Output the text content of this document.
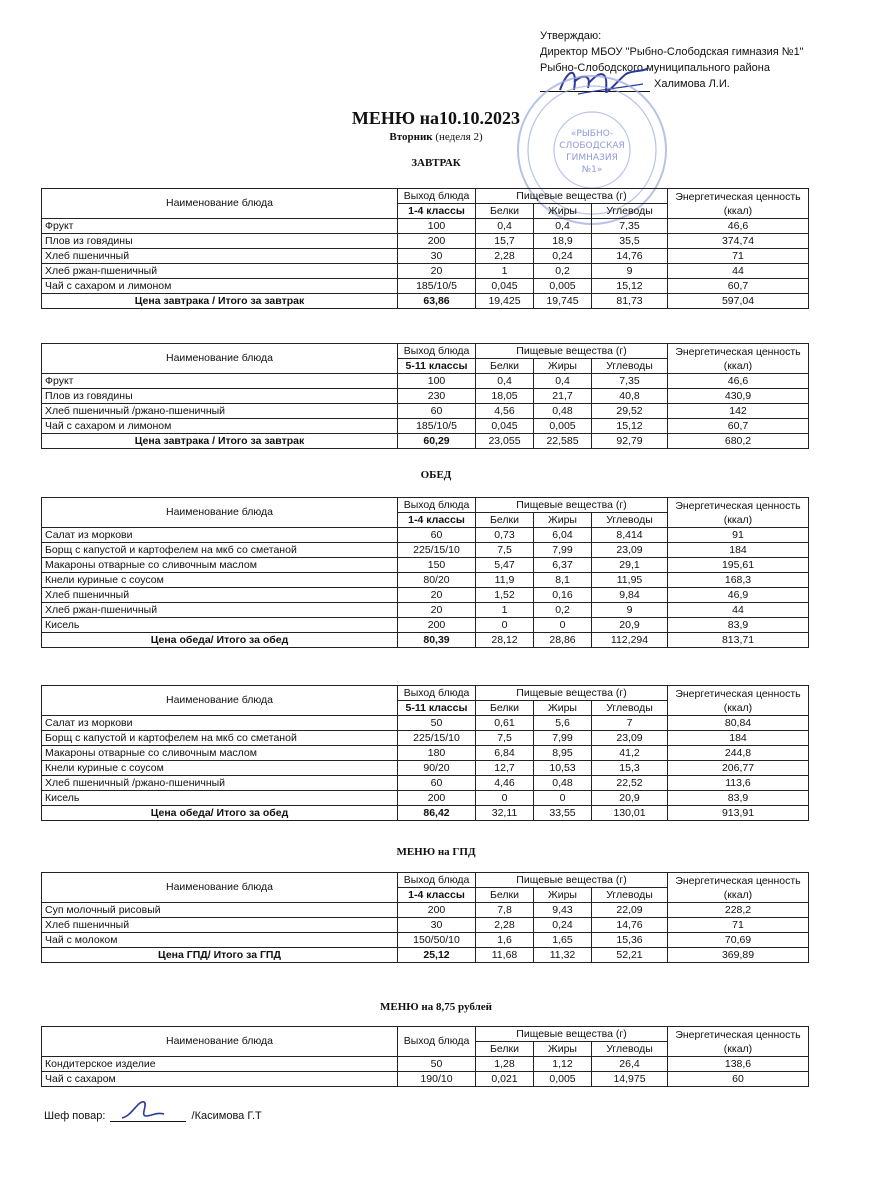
Утверждаю:
Директор МБОУ "Рыбно-Слободская гимназия №1"
Рыбно-Слободского муниципального района
Халимова Л.И.
«РЫБНО-
СЛОБОДСКАЯ
ГИМНАЗИЯ
№1»
МЕНЮ на10.10.2023
Вторник (неделя 2)
ЗАВТРАК
ОБЕД
МЕНЮ на ГПД
МЕНЮ на 8,75 рублей
Наименование блюда	Выход блюда	Пищевые вещества (г)			Энергетическая ценность (ккал)
	1-4 классы	Белки	Жиры	Углеводы	
Фрукт	100	0,4	0,4	7,35	46,6
Плов из говядины	200	15,7	18,9	35,5	374,74
Хлеб пшеничный	30	2,28	0,24	14,76	71
Хлеб ржан-пшеничный	20	1	0,2	9	44
Чай с сахаром и лимоном	185/10/5	0,045	0,005	15,12	60,7
Цена завтрака / Итого за завтрак	63,86	19,425	19,745	81,73	597,04
Наименование блюда	Выход блюда	Пищевые вещества (г)			Энергетическая ценность (ккал)
	5-11 классы	Белки	Жиры	Углеводы	
Фрукт	100	0,4	0,4	7,35	46,6
Плов из говядины	230	18,05	21,7	40,8	430,9
Хлеб пшеничный /ржано-пшеничный	60	4,56	0,48	29,52	142
Чай с сахаром и лимоном	185/10/5	0,045	0,005	15,12	60,7
Цена завтрака / Итого за завтрак	60,29	23,055	22,585	92,79	680,2
Наименование блюда	Выход блюда	Пищевые вещества (г)			Энергетическая ценность (ккал)
	1-4 классы	Белки	Жиры	Углеводы	
Салат из моркови	60	0,73	6,04	8,414	91
Борщ с капустой и картофелем на мкб со сметаной	225/15/10	7,5	7,99	23,09	184
Макароны отварные со сливочным маслом	150	5,47	6,37	29,1	195,61
Кнели куриные с соусом	80/20	11,9	8,1	11,95	168,3
Хлеб пшеничный	20	1,52	0,16	9,84	46,9
Хлеб ржан-пшеничный	20	1	0,2	9	44
Кисель	200	0	0	20,9	83,9
Цена обеда/ Итого за обед	80,39	28,12	28,86	112,294	813,71
Наименование блюда	Выход блюда	Пищевые вещества (г)			Энергетическая ценность (ккал)
	5-11 классы	Белки	Жиры	Углеводы	
Салат из моркови	50	0,61	5,6	7	80,84
Борщ с капустой и картофелем на мкб со сметаной	225/15/10	7,5	7,99	23,09	184
Макароны отварные со сливочным маслом	180	6,84	8,95	41,2	244,8
Кнели куриные с соусом	90/20	12,7	10,53	15,3	206,77
Хлеб пшеничный /ржано-пшеничный	60	4,46	0,48	22,52	113,6
Кисель	200	0	0	20,9	83,9
Цена обеда/ Итого за обед	86,42	32,11	33,55	130,01	913,91
Наименование блюда	Выход блюда	Пищевые вещества (г)			Энергетическая ценность (ккал)
	1-4 классы	Белки	Жиры	Углеводы	
Суп молочный рисовый	200	7,8	9,43	22,09	228,2
Хлеб пшеничный	30	2,28	0,24	14,76	71
Чай с молоком	150/50/10	1,6	1,65	15,36	70,69
Цена ГПД/ Итого за ГПД	25,12	11,68	11,32	52,21	369,89
Наименование блюда	Выход блюда	Пищевые вещества (г)			Энергетическая ценность (ккал)
		Белки	Жиры	Углеводы	
Кондитерское изделие	50	1,28	1,12	26,4	138,6
Чай с сахаром	190/10	0,021	0,005	14,975	60
Шеф повар:	/Касимова Г.Т
